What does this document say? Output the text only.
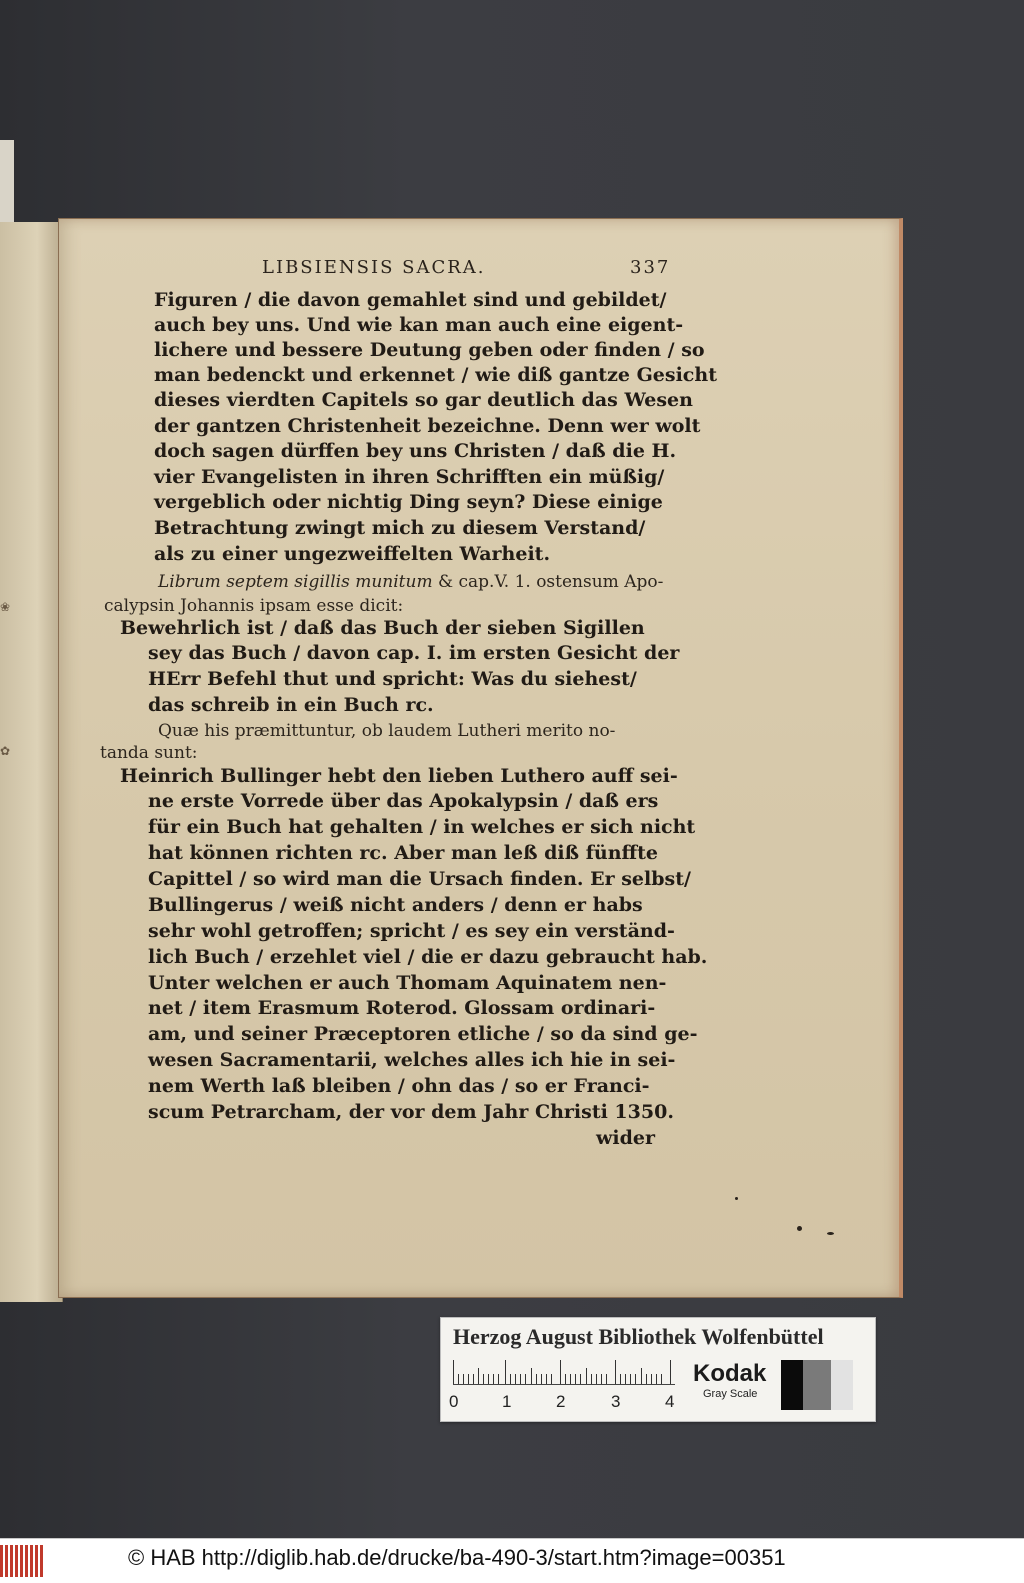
❀
✿
LIBSIENSIS SACRA.	337
Figuren / die davon gemahlet sind und gebildet/
auch bey uns. Und wie kan man auch eine eigent-
lichere und bessere Deutung geben oder finden / so
man bedenckt und erkennet / wie diß gantze Gesicht
dieses vierdten Capitels so gar deutlich das Wesen
der gantzen Christenheit bezeichne. Denn wer wolt
doch sagen dürffen bey uns Christen / daß die H.
vier Evangelisten in ihren Schrifften ein müßig/
vergeblich oder nichtig Ding seyn? Diese einige
Betrachtung zwingt mich zu diesem Verstand/
als zu einer ungezweiffelten Warheit.
Librum septem sigillis munitum & cap.V. 1. ostensum Apo-
calypsin Johannis ipsam esse dicit:
Bewehrlich ist / daß das Buch der sieben Sigillen
sey das Buch / davon cap. I. im ersten Gesicht der
HErr Befehl thut und spricht: Was du siehest/
das schreib in ein Buch rc.
Quæ his præmittuntur, ob laudem Lutheri merito no-
tanda sunt:
Heinrich Bullinger hebt den lieben Luthero auff sei-
ne erste Vorrede über das Apokalypsin / daß ers
für ein Buch hat gehalten / in welches er sich nicht
hat können richten rc. Aber man leß diß fünffte
Capittel / so wird man die Ursach finden. Er selbst/
Bullingerus / weiß nicht anders / denn er habs
sehr wohl getroffen; spricht / es sey ein verständ-
lich Buch / erzehlet viel / die er dazu gebraucht hab.
Unter welchen er auch Thomam Aquinatem nen-
net / item Erasmum Roterod. Glossam ordinari-
am, und seiner Præceptoren etliche / so da sind ge-
wesen Sacramentarii, welches alles ich hie in sei-
nem Werth laß bleiben / ohn das / so er Franci-
scum Petrarcham, der vor dem Jahr Christi 1350.
wider
Herzog August Bibliothek Wolfenbüttel
0	1	2	3	4
Kodak
Gray Scale
© HAB http://diglib.hab.de/drucke/ba-490-3/start.htm?image=00351
